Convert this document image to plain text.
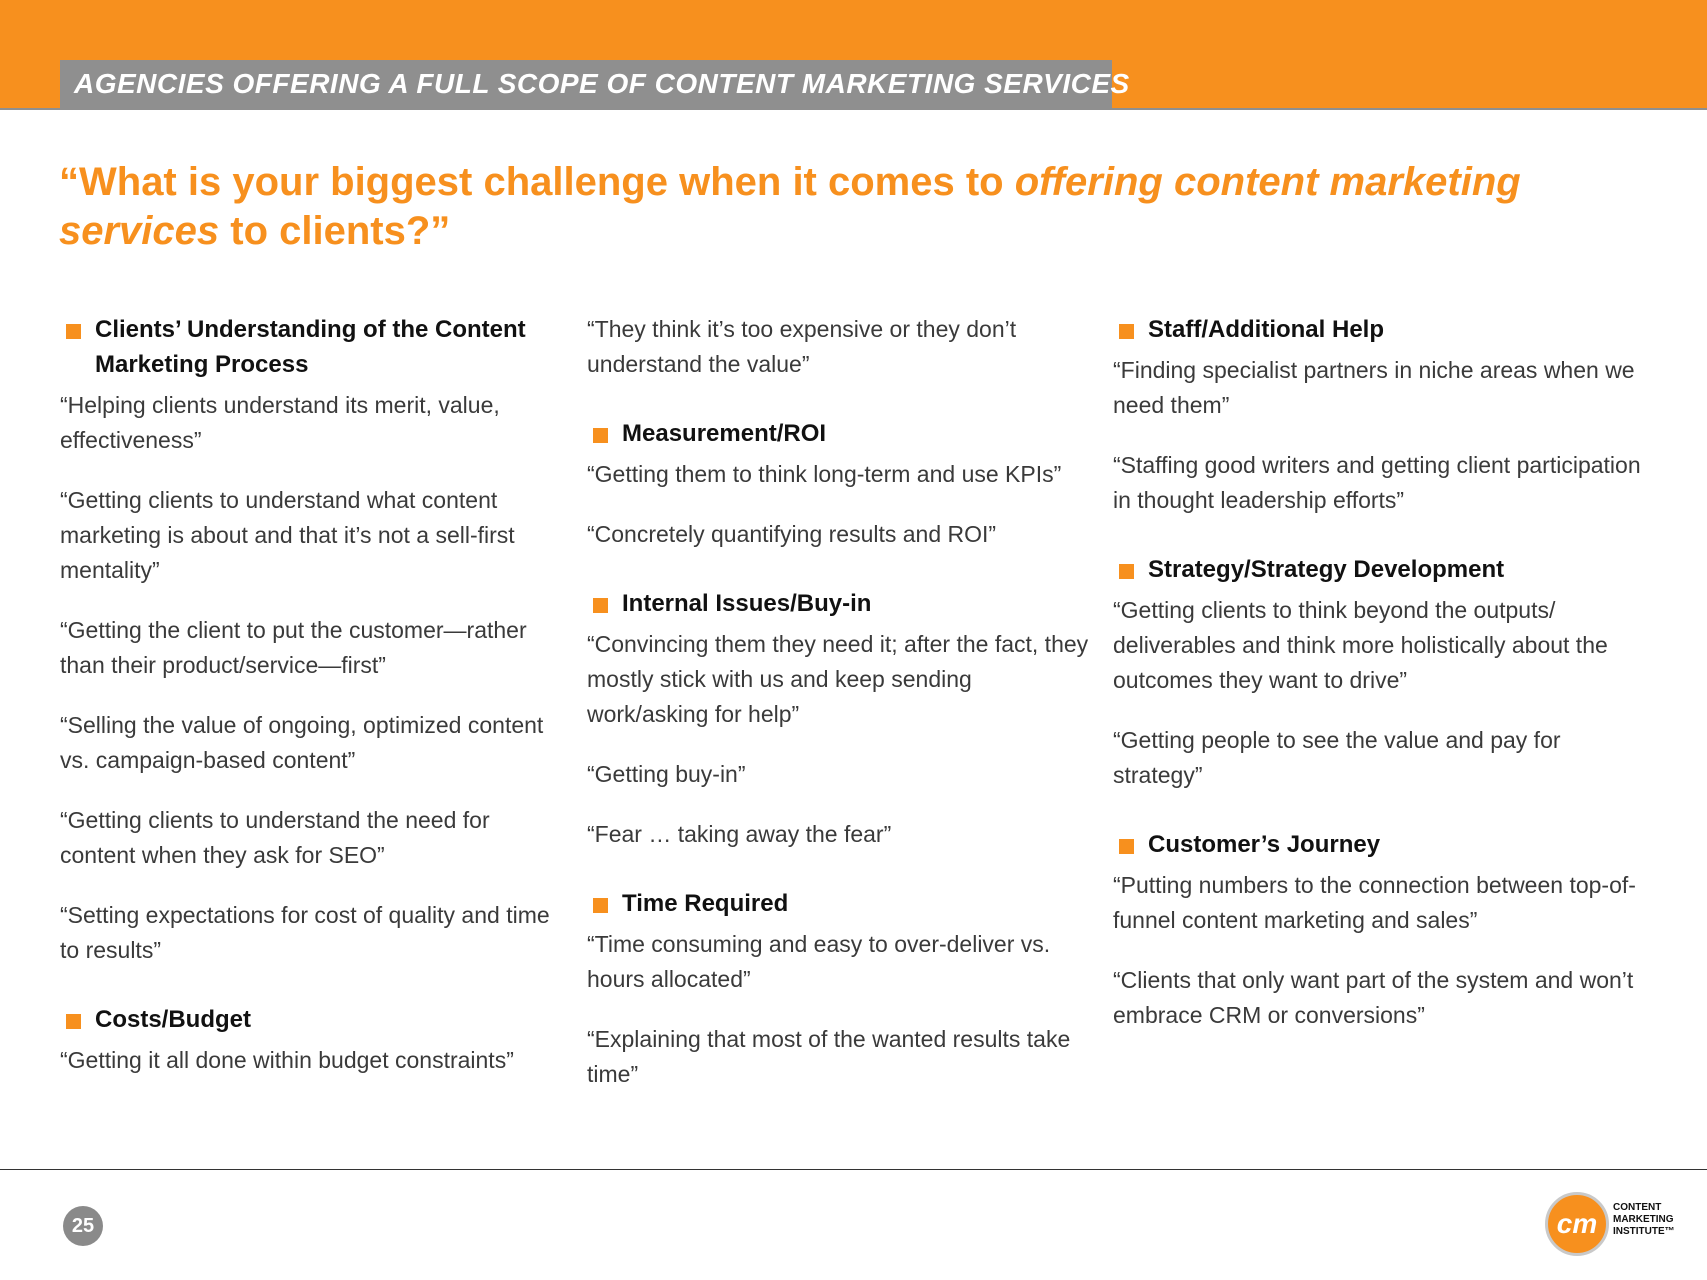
AGENCIES OFFERING A FULL SCOPE OF CONTENT MARKETING SERVICES
“What is your biggest challenge when it comes to offering content marketing services to clients?”
Clients’ Understanding of the Content Marketing Process

“Helping clients understand its merit, value, effectiveness”

“Getting clients to understand what content marketing is about and that it’s not a sell-first mentality”

“Getting the client to put the customer—rather than their product/service—first”

“Selling the value of ongoing, optimized content vs. campaign-based content”

“Getting clients to understand the need for content when they ask for SEO”

“Setting expectations for cost of quality and time to results”

Costs/Budget

“Getting it all done within budget constraints”

“They think it’s too expensive or they don’t understand the value”

Measurement/ROI

“Getting them to think long-term and use KPIs”

“Concretely quantifying results and ROI”

Internal Issues/Buy-in

“Convincing them they need it; after the fact, they mostly stick with us and keep sending work/asking for help”

“Getting buy-in”

“Fear … taking away the fear”

Time Required

“Time consuming and easy to over-deliver vs. hours allocated”

“Explaining that most of the wanted results take time”

Staff/Additional Help

“Finding specialist partners in niche areas when we need them”

“Staffing good writers and getting client participation in thought leadership efforts”

Strategy/Strategy Development

“Getting clients to think beyond the outputs/ deliverables and think more holistically about the outcomes they want to drive”

“Getting people to see the value and pay for strategy”

Customer’s Journey

“Putting numbers to the connection between top-of-funnel content marketing and sales”

“Clients that only want part of the system and won’t embrace CRM or conversions”

25	cm
CONTENT
MARKETING
INSTITUTE™
